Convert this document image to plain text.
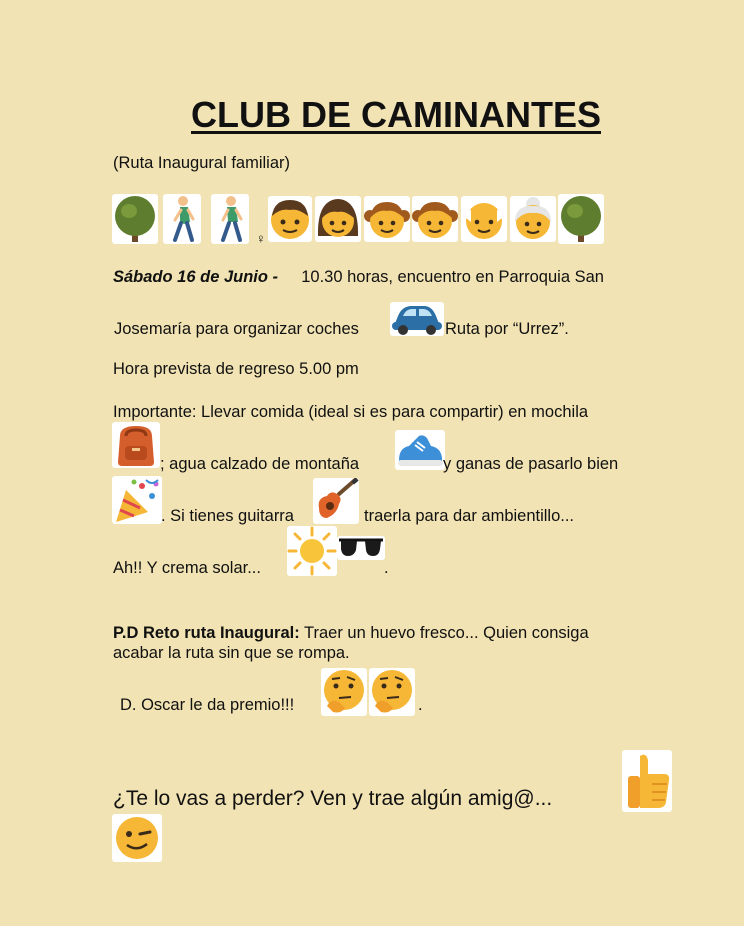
CLUB DE CAMINANTES
(Ruta Inaugural familiar)
♀
Sábado 16 de Junio - 10.30 horas, encuentro en Parroquia San
Josemaría para organizar coches	Ruta por “Urrez”.
Hora prevista de regreso 5.00 pm
Importante: Llevar comida (ideal si es para compartir) en mochila
; agua calzado de montaña	y ganas de pasarlo bien
. Si tienes guitarra	traerla para dar ambientillo...
Ah!! Y crema solar...	.
P.D Reto ruta Inaugural: Traer un huevo fresco... Quien consiga
acabar la ruta sin que se rompa.
D. Oscar le da premio!!!	.
¿Te lo vas a perder? Ven y trae algún amig@...
